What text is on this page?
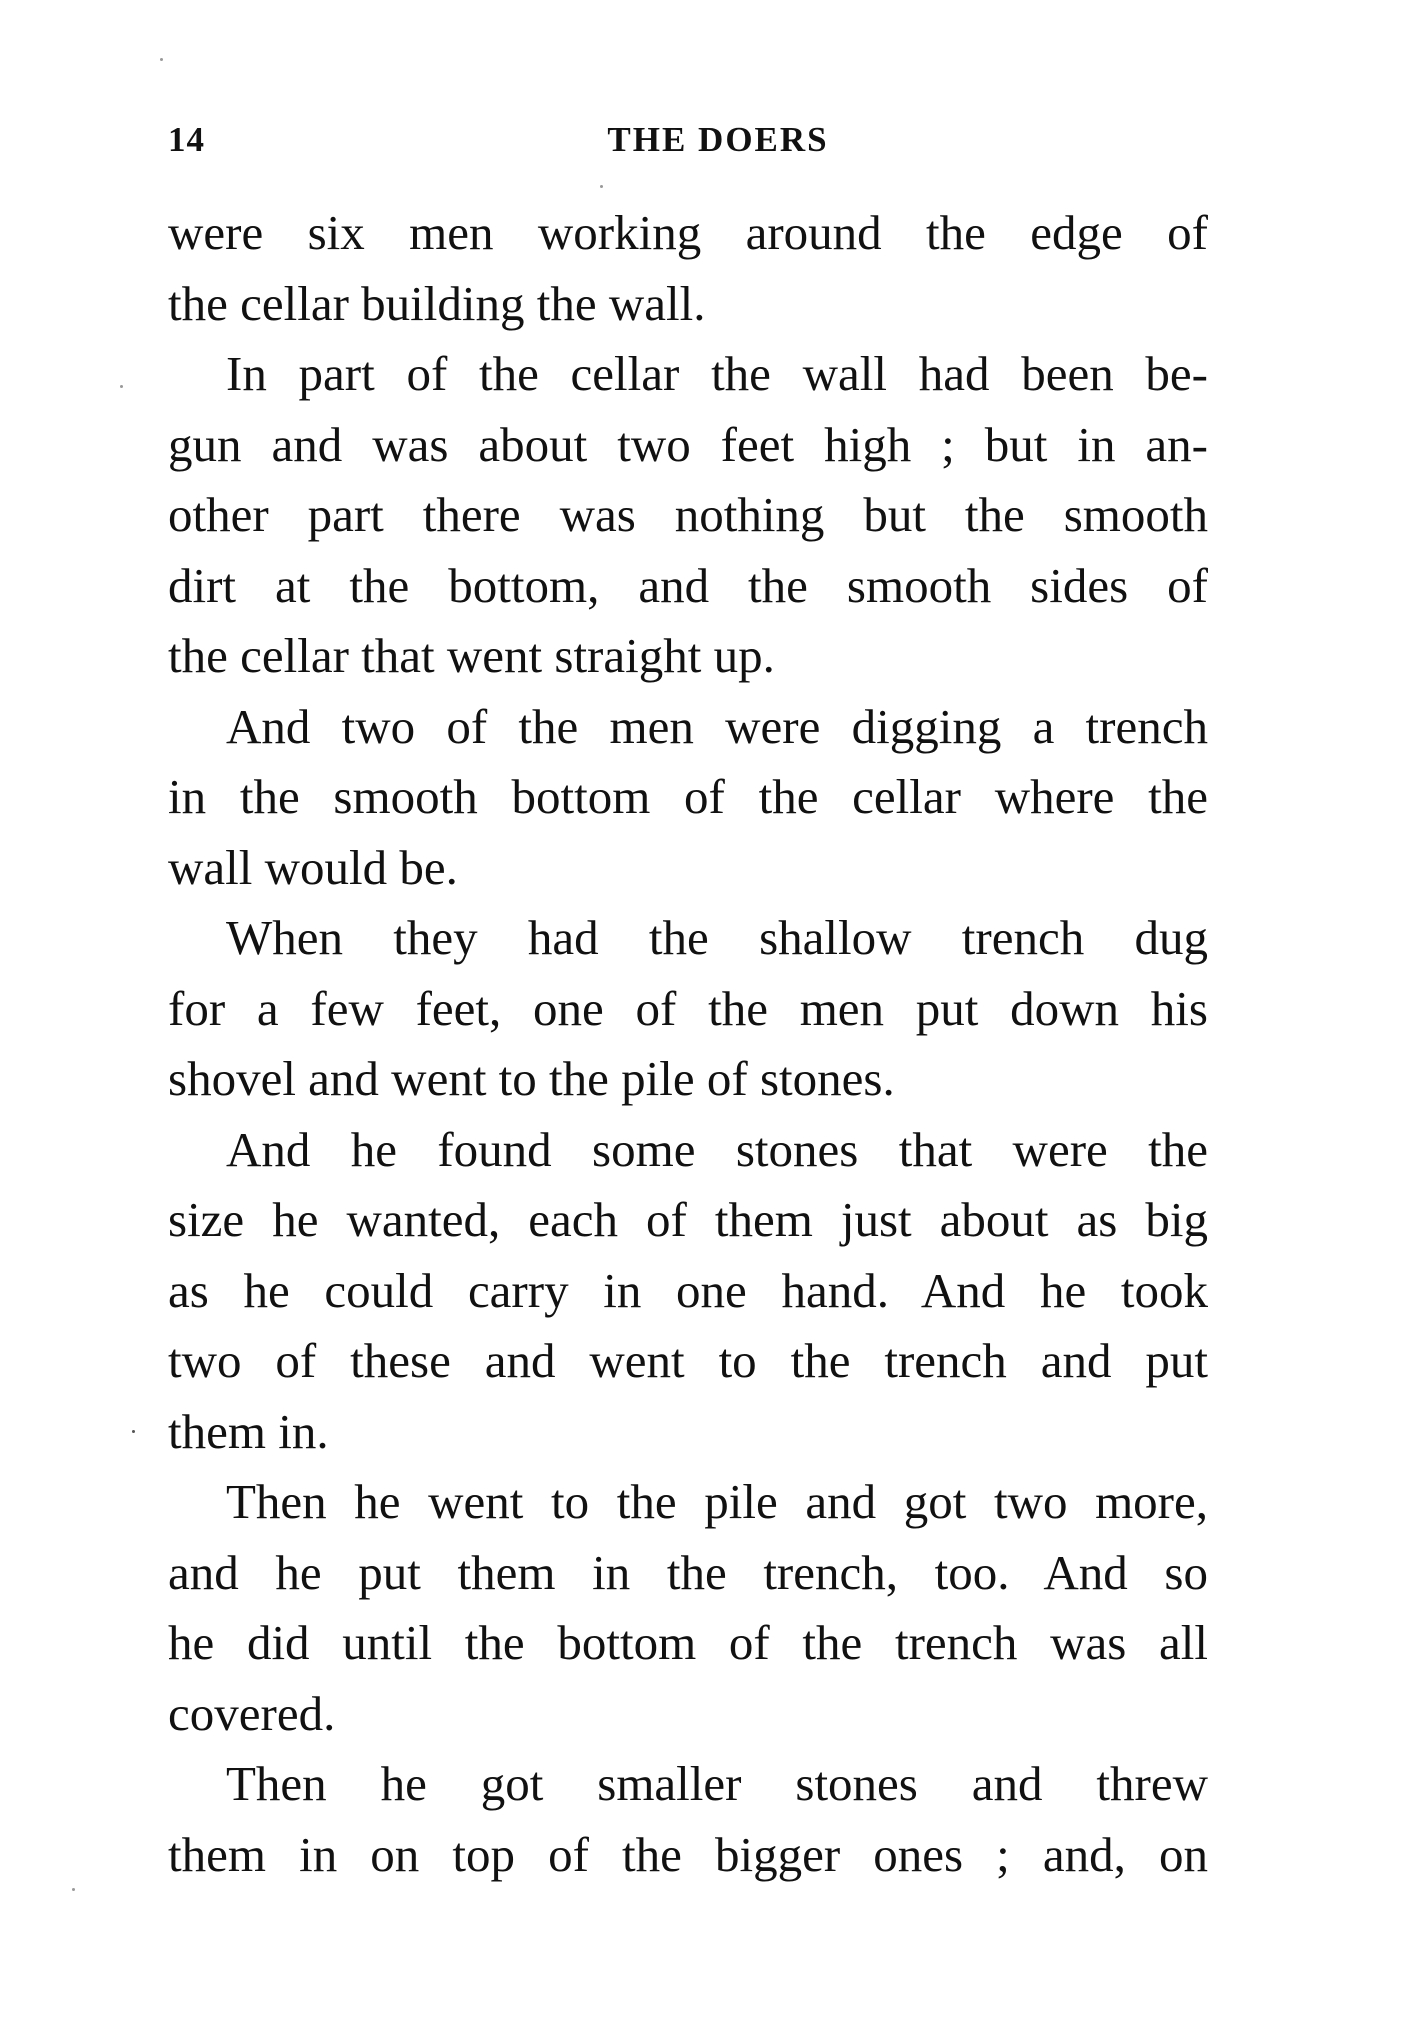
14	THE DOERS

were six men working around the edge of
the cellar building the wall.

In part of the cellar the wall had been be-
gun and was about two feet high ; but in an-
other part there was nothing but the smooth
dirt at the bottom, and the smooth sides of
the cellar that went straight up.

And two of the men were digging a trench
in the smooth bottom of the cellar where the
wall would be.

When they had the shallow trench dug
for a few feet, one of the men put down his
shovel and went to the pile of stones.

And he found some stones that were the
size he wanted, each of them just about as big
as he could carry in one hand. And he took
two of these and went to the trench and put
them in.

Then he went to the pile and got two more,
and he put them in the trench, too. And so
he did until the bottom of the trench was all
covered.

Then he got smaller stones and threw
them in on top of the bigger ones ; and, on
